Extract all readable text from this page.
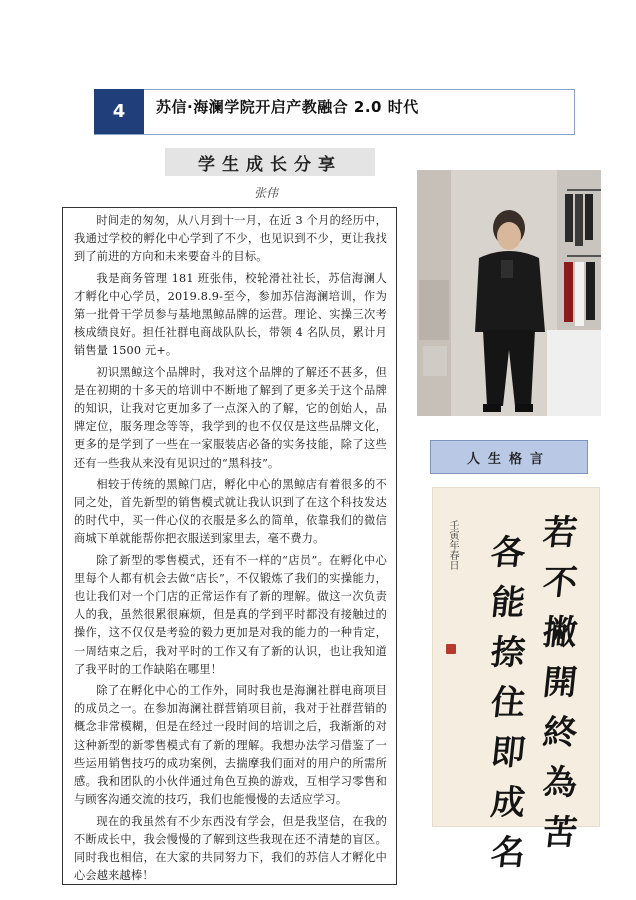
4	苏信·海澜学院开启产教融合 2.0 时代
学生成长分享
张伟

时间走的匆匆，从八月到十一月，在近 3 个月的经历中，我通过学校的孵化中心学到了不少，也见识到不少，更让我找到了前进的方向和未来要奋斗的目标。

我是商务管理 181 班张伟，校轮滑社社长，苏信海澜人才孵化中心学员，2019.8.9-至今，参加苏信海澜培训，作为第一批骨干学员参与基地黑鲸品牌的运营。理论、实操三次考核成绩良好。担任社群电商战队队长，带领 4 名队员，累计月销售量 1500 元+。

初识黑鲸这个品牌时，我对这个品牌的了解还不甚多，但是在初期的十多天的培训中不断地了解到了更多关于这个品牌的知识，让我对它更加多了一点深入的了解，它的创始人，品牌定位，服务理念等等，我学到的也不仅仅是这些品牌文化，更多的是学到了一些在一家服装店必备的实务技能，除了这些还有一些我从来没有见识过的“黑科技”。

相较于传统的黑鲸门店，孵化中心的黑鲸店有着很多的不同之处，首先新型的销售模式就让我认识到了在这个科技发达的时代中，买一件心仪的衣服是多么的简单，依靠我们的微信商城下单就能帮你把衣服送到家里去，毫不费力。

除了新型的零售模式，还有不一样的“店员”。在孵化中心里每个人都有机会去做“店长”，不仅锻炼了我们的实操能力，也让我们对一个门店的正常运作有了新的理解。做这一次负责人的我，虽然很累很麻烦，但是真的学到平时都没有接触过的操作，这不仅仅是考验的毅力更加是对我的能力的一种肯定，一周结束之后，我对平时的工作又有了新的认识，也让我知道了我平时的工作缺陷在哪里！

除了在孵化中心的工作外，同时我也是海澜社群电商项目的成员之一。在参加海澜社群营销项目前，我对于社群营销的概念非常模糊，但是在经过一段时间的培训之后，我渐渐的对这种新型的新零售模式有了新的理解。我想办法学习借鉴了一些运用销售技巧的成功案例，去揣摩我们面对的用户的所需所感。我和团队的小伙伴通过角色互换的游戏，互相学习零售和与顾客沟通交流的技巧，我们也能慢慢的去适应学习。

现在的我虽然有不少东西没有学会，但是我坚信，在我的不断成长中，我会慢慢的了解到这些我现在还不清楚的盲区。同时我也相信，在大家的共同努力下，我们的苏信人才孵化中心会越来越棒！

人生格言
壬寅年春日 若
不
撇
開
終
為
苦
各
能
捺
住
即
成
名
